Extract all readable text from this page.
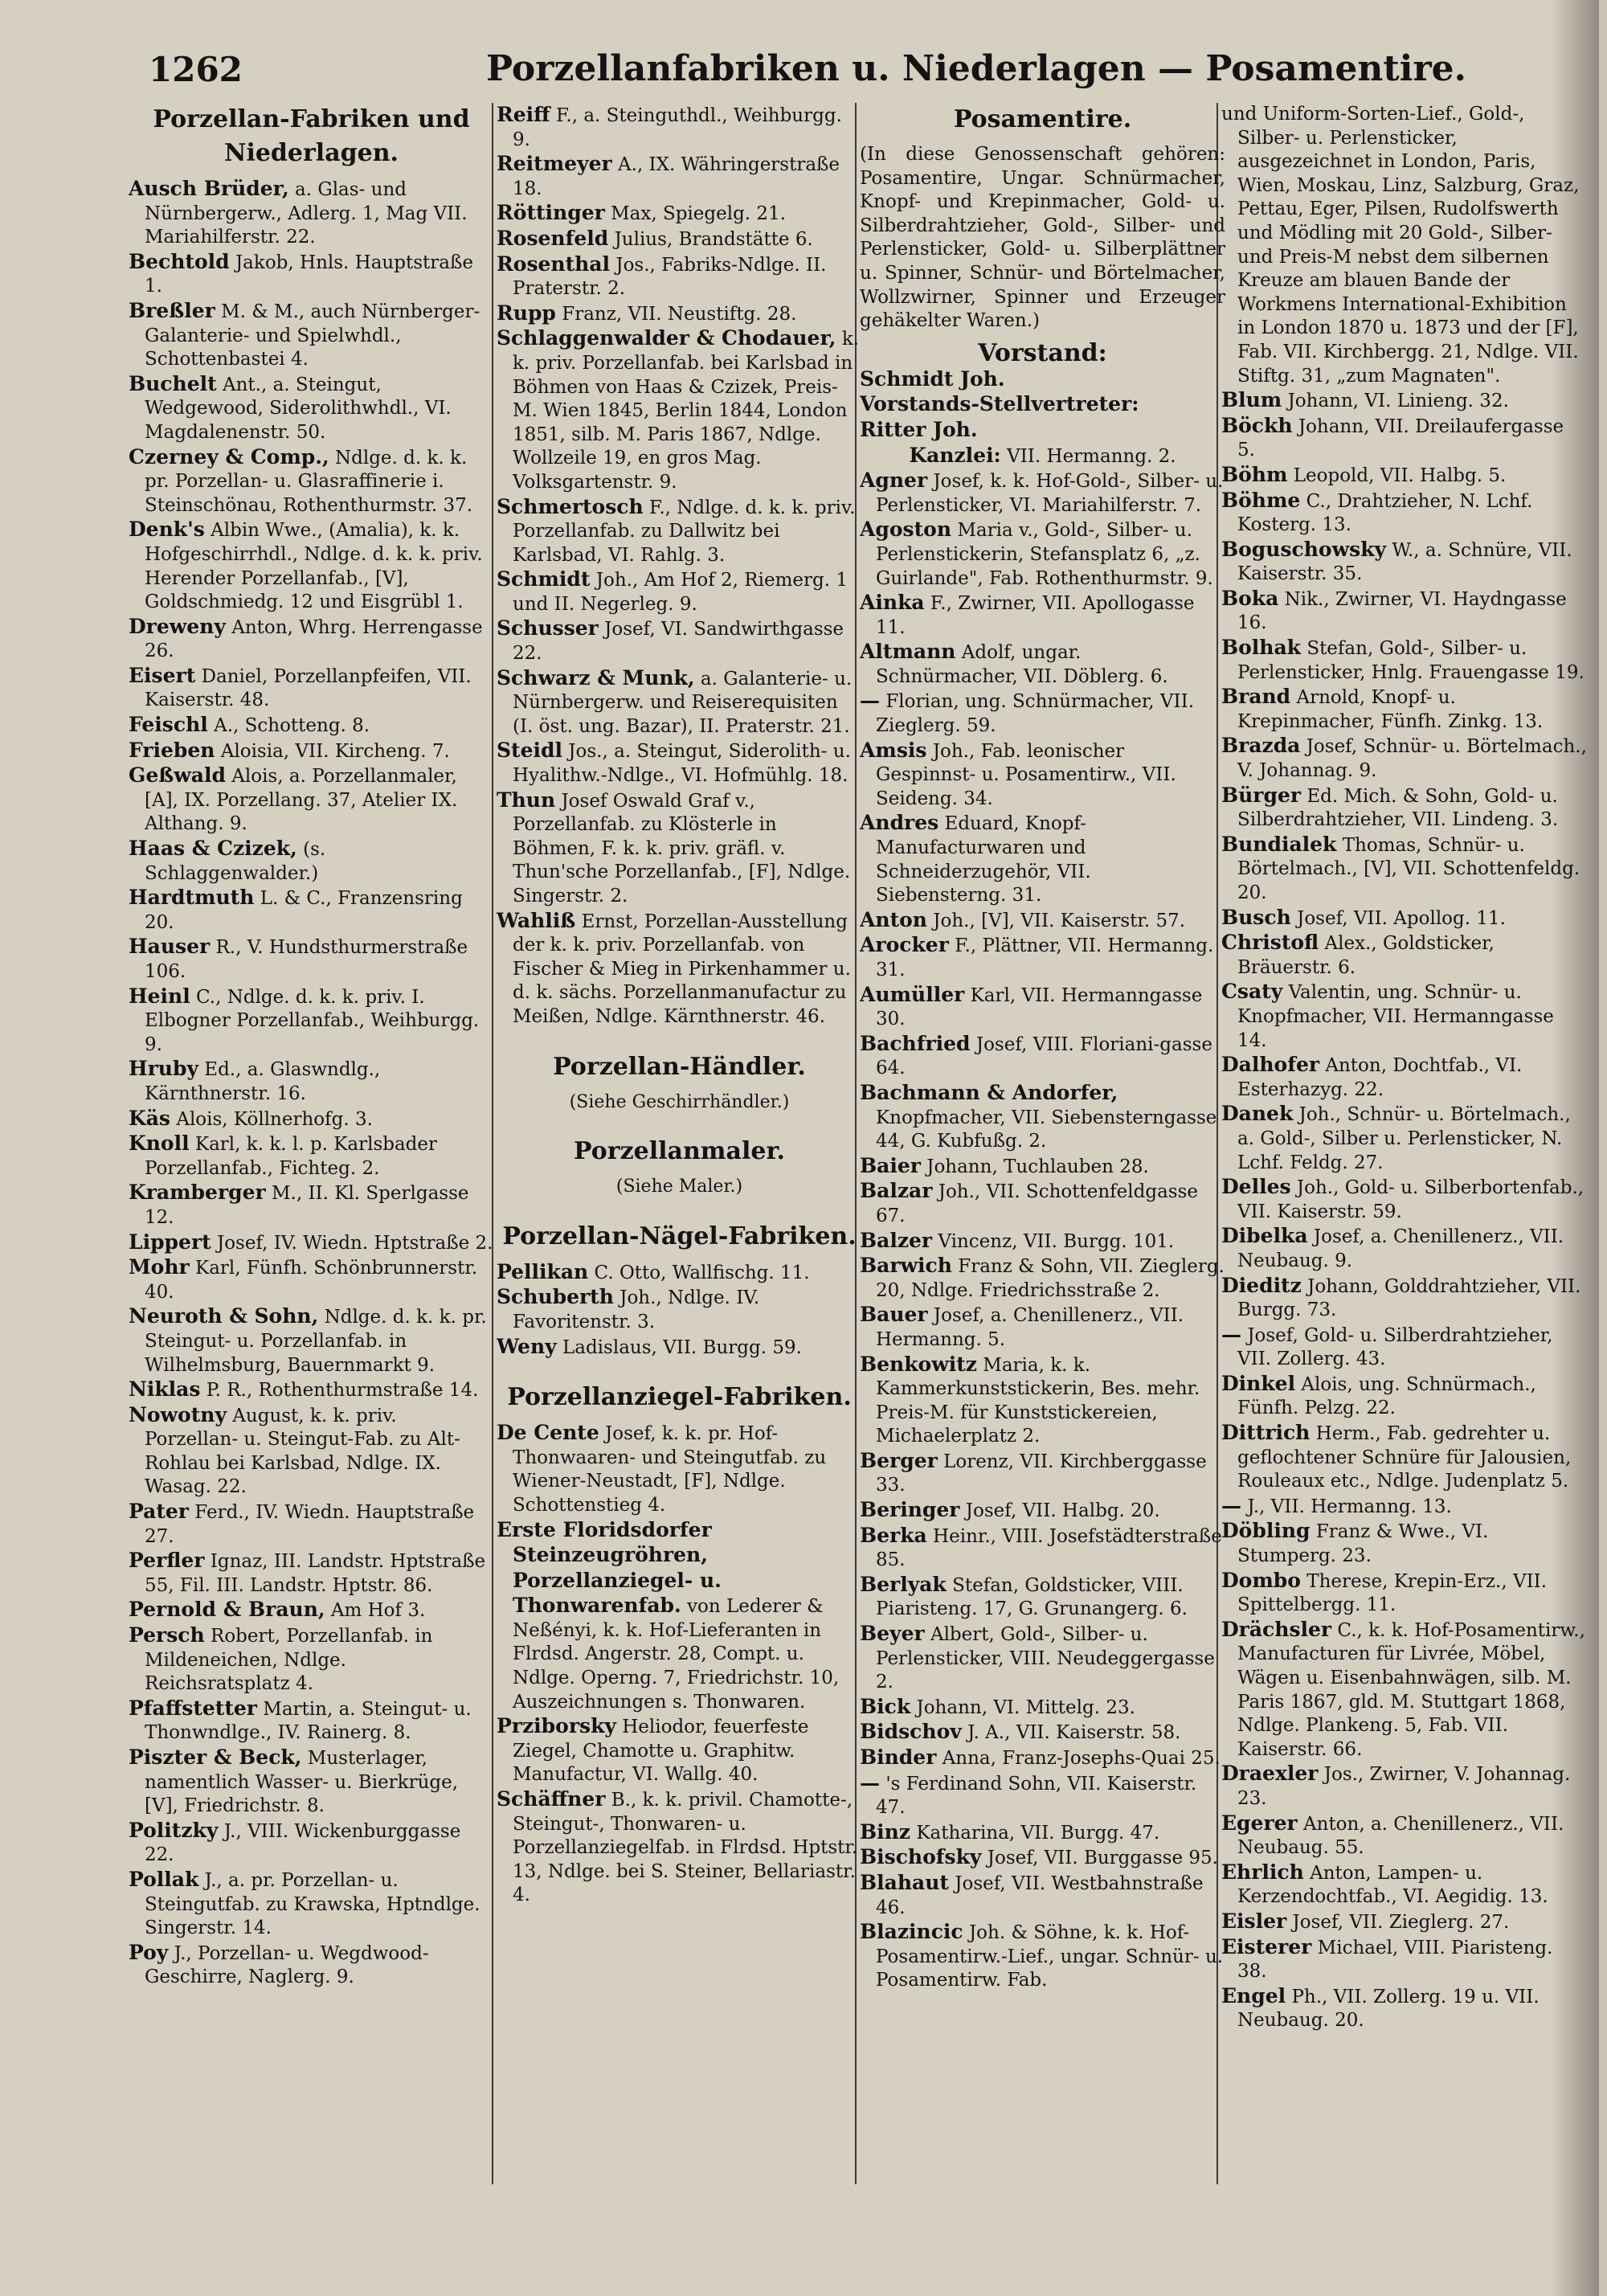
1262	Porzellanfabriken u. Niederlagen — Posamentire.
Porzellan-Fabriken und Niederlagen.

Ausch Brüder, a. Glas- und Nürnbergerw., Adlerg. 1, Mag VII. Mariahilferstr. 22.

Bechtold Jakob, Hnls. Hauptstraße 1.

Breßler M. & M., auch Nürnberger-Galanterie- und Spielwhdl., Schottenbastei 4.

Buchelt Ant., a. Steingut, Wedgewood, Siderolithwhdl., VI. Magdalenenstr. 50.

Czerney & Comp., Ndlge. d. k. k. pr. Porzellan- u. Glasraffinerie i. Steinschönau, Rothenthurmstr. 37.

Denk's Albin Wwe., (Amalia), k. k. Hofgeschirrhdl., Ndlge. d. k. k. priv. Herender Porzellanfab., [V], Goldschmiedg. 12 und Eisgrübl 1.

Dreweny Anton, Whrg. Herrengasse 26.

Eisert Daniel, Porzellanpfeifen, VII. Kaiserstr. 48.

Feischl A., Schotteng. 8.

Frieben Aloisia, VII. Kircheng. 7.

Geßwald Alois, a. Porzellanmaler, [A], IX. Porzellang. 37, Atelier IX. Althang. 9.

Haas & Czizek, (s. Schlaggenwalder.)

Hardtmuth L. & C., Franzensring 20.

Hauser R., V. Hundsthurmerstraße 106.

Heinl C., Ndlge. d. k. k. priv. I. Elbogner Porzellanfab., Weihburgg. 9.

Hruby Ed., a. Glaswndlg., Kärnthnerstr. 16.

Käs Alois, Köllnerhofg. 3.

Knoll Karl, k. k. l. p. Karlsbader Porzellanfab., Fichteg. 2.

Kramberger M., II. Kl. Sperlgasse 12.

Lippert Josef, IV. Wiedn. Hptstraße 2.

Mohr Karl, Fünfh. Schönbrunnerstr. 40.

Neuroth & Sohn, Ndlge. d. k. k. pr. Steingut- u. Porzellanfab. in Wilhelmsburg, Bauernmarkt 9.

Niklas P. R., Rothenthurmstraße 14.

Nowotny August, k. k. priv. Porzellan- u. Steingut-Fab. zu Alt-Rohlau bei Karlsbad, Ndlge. IX. Wasag. 22.

Pater Ferd., IV. Wiedn. Hauptstraße 27.

Perfler Ignaz, III. Landstr. Hptstraße 55, Fil. III. Landstr. Hptstr. 86.

Pernold & Braun, Am Hof 3.

Persch Robert, Porzellanfab. in Mildeneichen, Ndlge. Reichsratsplatz 4.

Pfaffstetter Martin, a. Steingut- u. Thonwndlge., IV. Rainerg. 8.

Piszter & Beck, Musterlager, namentlich Wasser- u. Bierkrüge, [V], Friedrichstr. 8.

Politzky J., VIII. Wickenburggasse 22.

Pollak J., a. pr. Porzellan- u. Steingutfab. zu Krawska, Hptndlge. Singerstr. 14.

Poy J., Porzellan- u. Wegdwood-Geschirre, Naglerg. 9.

Reiff F., a. Steinguthdl., Weihburgg. 9.

Reitmeyer A., IX. Währingerstraße 18.

Röttinger Max, Spiegelg. 21.

Rosenfeld Julius, Brandstätte 6.

Rosenthal Jos., Fabriks-Ndlge. II. Praterstr. 2.

Rupp Franz, VII. Neustiftg. 28.

Schlaggenwalder & Chodauer, k. k. priv. Porzellanfab. bei Karlsbad in Böhmen von Haas & Czizek, Preis-M. Wien 1845, Berlin 1844, London 1851, silb. M. Paris 1867, Ndlge. Wollzeile 19, en gros Mag. Volksgartenstr. 9.

Schmertosch F., Ndlge. d. k. k. priv. Porzellanfab. zu Dallwitz bei Karlsbad, VI. Rahlg. 3.

Schmidt Joh., Am Hof 2, Riemerg. 1 und II. Negerleg. 9.

Schusser Josef, VI. Sandwirthgasse 22.

Schwarz & Munk, a. Galanterie- u. Nürnbergerw. und Reiserequisiten (I. öst. ung. Bazar), II. Praterstr. 21.

Steidl Jos., a. Steingut, Siderolith- u. Hyalithw.-Ndlge., VI. Hofmühlg. 18.

Thun Josef Oswald Graf v., Porzellanfab. zu Klösterle in Böhmen, F. k. k. priv. gräfl. v. Thun'sche Porzellanfab., [F], Ndlge. Singerstr. 2.

Wahliß Ernst, Porzellan-Ausstellung der k. k. priv. Porzellanfab. von Fischer & Mieg in Pirkenhammer u. d. k. sächs. Porzellanmanufactur zu Meißen, Ndlge. Kärnthnerstr. 46.

Porzellan-Händler.
(Siehe Geschirrhändler.)
Porzellanmaler.
(Siehe Maler.)
Porzellan-Nägel-Fabriken.

Pellikan C. Otto, Wallfischg. 11.

Schuberth Joh., Ndlge. IV. Favoritenstr. 3.

Weny Ladislaus, VII. Burgg. 59.

Porzellanziegel-Fabriken.

De Cente Josef, k. k. pr. Hof-Thonwaaren- und Steingutfab. zu Wiener-Neustadt, [F], Ndlge. Schottenstieg 4.

Erste Floridsdorfer Steinzeugröhren, Porzellanziegel- u. Thonwarenfab. von Lederer & Neßényi, k. k. Hof-Lieferanten in Flrdsd. Angerstr. 28, Compt. u. Ndlge. Operng. 7, Friedrichstr. 10, Auszeichnungen s. Thonwaren.

Prziborsky Heliodor, feuerfeste Ziegel, Chamotte u. Graphitw. Manufactur, VI. Wallg. 40.

Schäffner B., k. k. privil. Chamotte-, Steingut-, Thonwaren- u. Porzellanziegelfab. in Flrdsd. Hptstr. 13, Ndlge. bei S. Steiner, Bellariastr. 4.

Posamentire.

(In diese Genossenschaft gehören: Posamentire, Ungar. Schnürmacher, Knopf- und Krepinmacher, Gold- u. Silberdrahtzieher, Gold-, Silber- und Perlensticker, Gold- u. Silberplättner u. Spinner, Schnür- und Börtelmacher, Wollzwirner, Spinner und Erzeuger gehäkelter Waren.)

Vorstand:

Schmidt Joh.

Vorstands-Stellvertreter:

Ritter Joh.

Kanzlei: VII. Hermanng. 2.

Agner Josef, k. k. Hof-Gold-, Silber- u. Perlensticker, VI. Mariahilferstr. 7.

Agoston Maria v., Gold-, Silber- u. Perlenstickerin, Stefansplatz 6, „z. Guirlande", Fab. Rothenthurmstr. 9.

Ainka F., Zwirner, VII. Apollogasse 11.

Altmann Adolf, ungar. Schnürmacher, VII. Döblerg. 6.

— Florian, ung. Schnürmacher, VII. Zieglerg. 59.

Amsis Joh., Fab. leonischer Gespinnst- u. Posamentirw., VII. Seideng. 34.

Andres Eduard, Knopf-Manufacturwaren und Schneiderzugehör, VII. Siebensterng. 31.

Anton Joh., [V], VII. Kaiserstr. 57.

Arocker F., Plättner, VII. Hermanng. 31.

Aumüller Karl, VII. Hermanngasse 30.

Bachfried Josef, VIII. Floriani-gasse 64.

Bachmann & Andorfer, Knopfmacher, VII. Siebensterngasse 44, G. Kubfußg. 2.

Baier Johann, Tuchlauben 28.

Balzar Joh., VII. Schottenfeldgasse 67.

Balzer Vincenz, VII. Burgg. 101.

Barwich Franz & Sohn, VII. Zieglerg. 20, Ndlge. Friedrichsstraße 2.

Bauer Josef, a. Chenillenerz., VII. Hermanng. 5.

Benkowitz Maria, k. k. Kammerkunststickerin, Bes. mehr. Preis-M. für Kunststickereien, Michaelerplatz 2.

Berger Lorenz, VII. Kirchberggasse 33.

Beringer Josef, VII. Halbg. 20.

Berka Heinr., VIII. Josefstädterstraße 85.

Berlyak Stefan, Goldsticker, VIII. Piaristeng. 17, G. Grunangerg. 6.

Beyer Albert, Gold-, Silber- u. Perlensticker, VIII. Neudeggergasse 2.

Bick Johann, VI. Mittelg. 23.

Bidschov J. A., VII. Kaiserstr. 58.

Binder Anna, Franz-Josephs-Quai 25.

— 's Ferdinand Sohn, VII. Kaiserstr. 47.

Binz Katharina, VII. Burgg. 47.

Bischofsky Josef, VII. Burggasse 95.

Blahaut Josef, VII. Westbahnstraße 46.

Blazincic Joh. & Söhne, k. k. Hof-Posamentirw.-Lief., ungar. Schnür- u. Posamentirw. Fab.

und Uniform-Sorten-Lief., Gold-, Silber- u. Perlensticker, ausgezeichnet in London, Paris, Wien, Moskau, Linz, Salzburg, Graz, Pettau, Eger, Pilsen, Rudolfswerth und Mödling mit 20 Gold-, Silber- und Preis-M nebst dem silbernen Kreuze am blauen Bande der Workmens International-Exhibition in London 1870 u. 1873 und der [F], Fab. VII. Kirchbergg. 21, Ndlge. VII. Stiftg. 31, „zum Magnaten".

Blum Johann, VI. Linieng. 32.

Böckh Johann, VII. Dreilaufergasse 5.

Böhm Leopold, VII. Halbg. 5.

Böhme C., Drahtzieher, N. Lchf. Kosterg. 13.

Boguschowsky W., a. Schnüre, VII. Kaiserstr. 35.

Boka Nik., Zwirner, VI. Haydngasse 16.

Bolhak Stefan, Gold-, Silber- u. Perlensticker, Hnlg. Frauengasse 19.

Brand Arnold, Knopf- u. Krepinmacher, Fünfh. Zinkg. 13.

Brazda Josef, Schnür- u. Börtelmach., V. Johannag. 9.

Bürger Ed. Mich. & Sohn, Gold- u. Silberdrahtzieher, VII. Lindeng. 3.

Bundialek Thomas, Schnür- u. Börtelmach., [V], VII. Schottenfeldg. 20.

Busch Josef, VII. Apollog. 11.

Christofl Alex., Goldsticker, Bräuerstr. 6.

Csaty Valentin, ung. Schnür- u. Knopfmacher, VII. Hermanngasse 14.

Dalhofer Anton, Dochtfab., VI. Esterhazyg. 22.

Danek Joh., Schnür- u. Börtelmach., a. Gold-, Silber u. Perlensticker, N. Lchf. Feldg. 27.

Delles Joh., Gold- u. Silberbortenfab., VII. Kaiserstr. 59.

Dibelka Josef, a. Chenillenerz., VII. Neubaug. 9.

Dieditz Johann, Golddrahtzieher, VII. Burgg. 73.

— Josef, Gold- u. Silberdrahtzieher, VII. Zollerg. 43.

Dinkel Alois, ung. Schnürmach., Fünfh. Pelzg. 22.

Dittrich Herm., Fab. gedrehter u. geflochtener Schnüre für Jalousien, Rouleaux etc., Ndlge. Judenplatz 5.

— J., VII. Hermanng. 13.

Döbling Franz & Wwe., VI. Stumperg. 23.

Dombo Therese, Krepin-Erz., VII. Spittelbergg. 11.

Drächsler C., k. k. Hof-Posamentirw., Manufacturen für Livrée, Möbel, Wägen u. Eisenbahnwägen, silb. M. Paris 1867, gld. M. Stuttgart 1868, Ndlge. Plankeng. 5, Fab. VII. Kaiserstr. 66.

Draexler Jos., Zwirner, V. Johannag. 23.

Egerer Anton, a. Chenillenerz., VII. Neubaug. 55.

Ehrlich Anton, Lampen- u. Kerzendochtfab., VI. Aegidig. 13.

Eisler Josef, VII. Zieglerg. 27.

Eisterer Michael, VIII. Piaristeng. 38.

Engel Ph., VII. Zollerg. 19 u. VII. Neubaug. 20.
